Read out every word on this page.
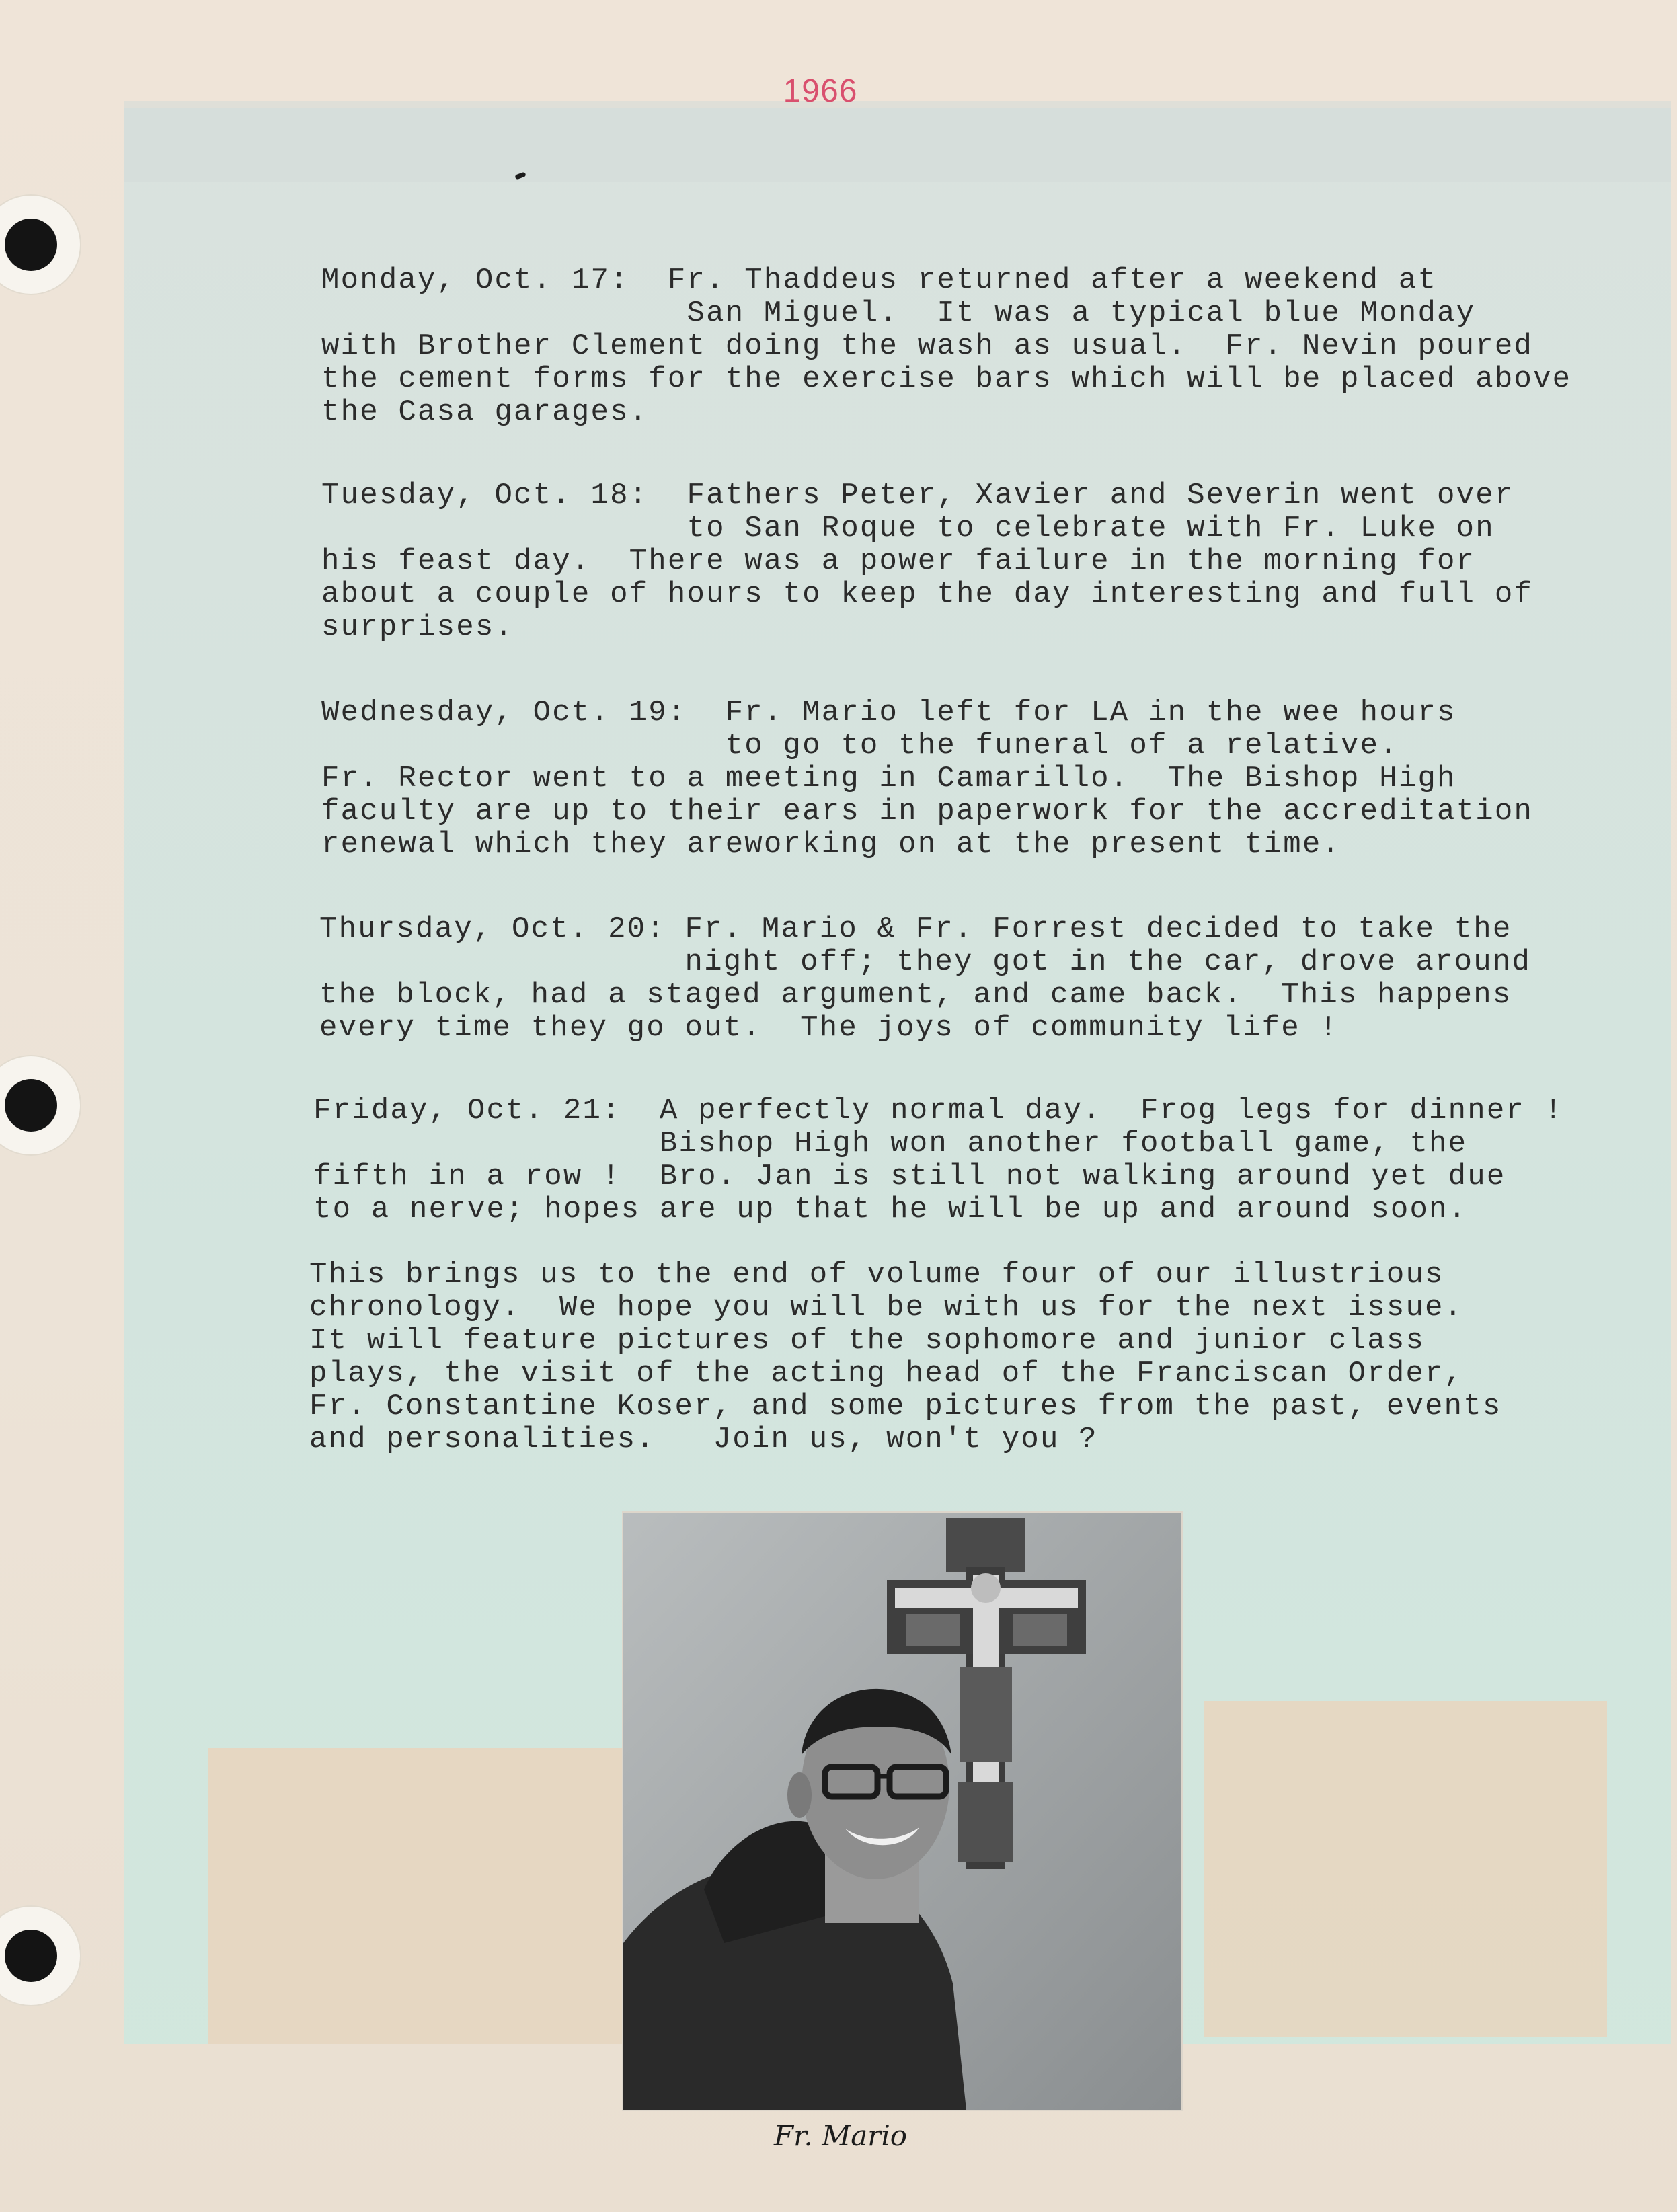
1966
Monday, Oct. 17:  Fr. Thaddeus returned after a weekend at
San Miguel.  It was a typical blue Monday
with Brother Clement doing the wash as usual.  Fr. Nevin poured
the cement forms for the exercise bars which will be placed above
the Casa garages.
Tuesday, Oct. 18:  Fathers Peter, Xavier and Severin went over
to San Roque to celebrate with Fr. Luke on
his feast day.  There was a power failure in the morning for
about a couple of hours to keep the day interesting and full of
surprises.
Wednesday, Oct. 19:  Fr. Mario left for LA in the wee hours
to go to the funeral of a relative.
Fr. Rector went to a meeting in Camarillo.  The Bishop High
faculty are up to their ears in paperwork for the accreditation
renewal which they areworking on at the present time.
Thursday, Oct. 20: Fr. Mario & Fr. Forrest decided to take the
night off; they got in the car, drove around
the block, had a staged argument, and came back.  This happens
every time they go out.  The joys of community life !
Friday, Oct. 21:  A perfectly normal day.  Frog legs for dinner !
Bishop High won another football game, the
fifth in a row !  Bro. Jan is still not walking around yet due
to a nerve; hopes are up that he will be up and around soon.
This brings us to the end of volume four of our illustrious
chronology.  We hope you will be with us for the next issue.
It will feature pictures of the sophomore and junior class
plays, the visit of the acting head of the Franciscan Order,
Fr. Constantine Koser, and some pictures from the past, events
and personalities.   Join us, won't you ?
Fr. Mario
